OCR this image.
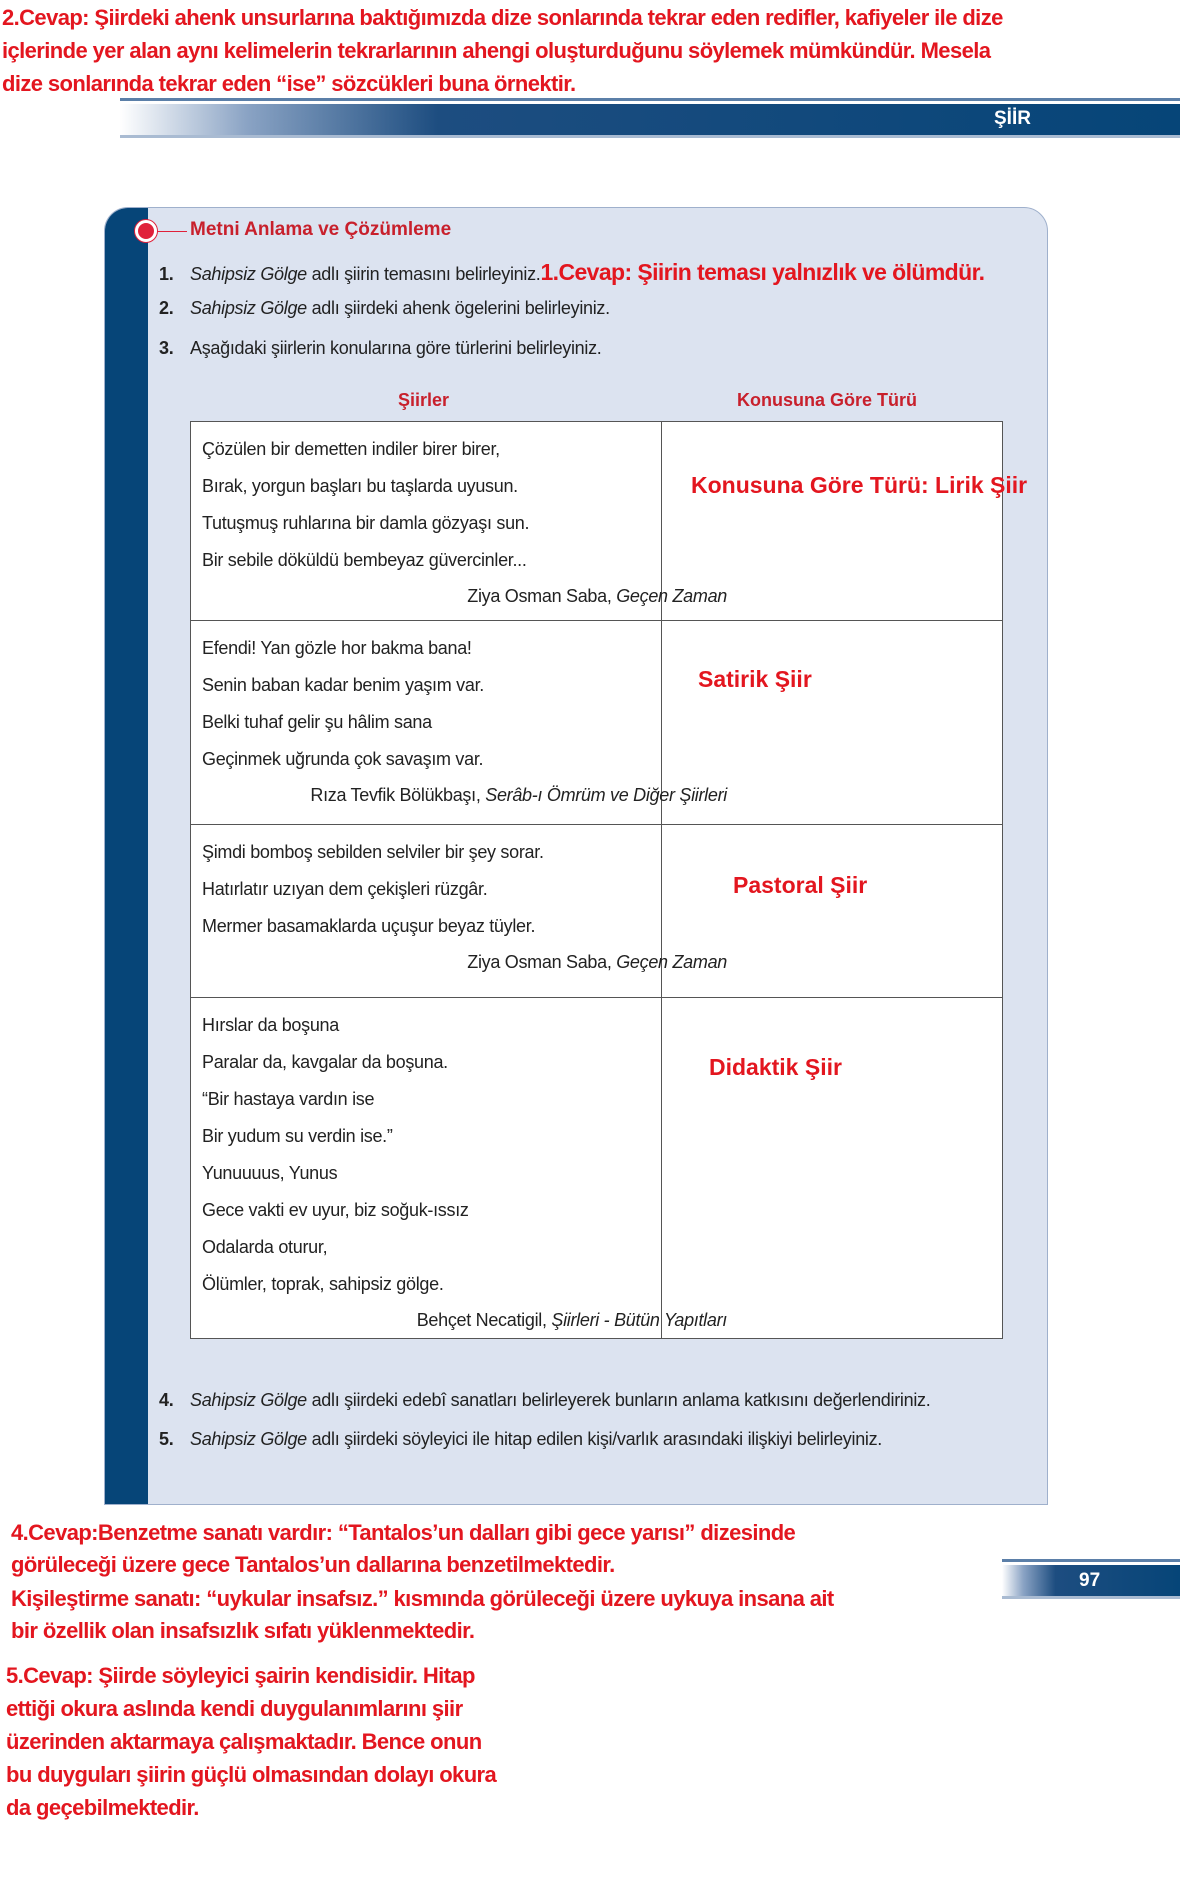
2.Cevap: Şiirdeki ahenk unsurlarına baktığımızda dize sonlarında tekrar eden redifler, kafiyeler ile dize
içlerinde yer alan aynı kelimelerin tekrarlarının ahengi oluşturduğunu söylemek mümkündür. Mesela
dize sonlarında tekrar eden “ise” sözcükleri buna örnektir.
ŞİİR
Metni Anlama ve Çözümleme
1. Sahipsiz Gölge adlı şiirin temasını belirleyiniz.1.Cevap: Şiirin teması yalnızlık ve ölümdür.
2. Sahipsiz Gölge adlı şiirdeki ahenk ögelerini belirleyiniz.
3. Aşağıdaki şiirlerin konularına göre türlerini belirleyiniz.
Şiirler	Konusuna Göre Türü
Çözülen bir demetten indiler birer birer,
Bırak, yorgun başları bu taşlarda uyusun.
Tutuşmuş ruhlarına bir damla gözyaşı sun.
Bir sebile döküldü bembeyaz güvercinler...
Ziya Osman Saba, Geçen Zaman
Efendi! Yan gözle hor bakma bana!
Senin baban kadar benim yaşım var.
Belki tuhaf gelir şu hâlim sana
Geçinmek uğrunda çok savaşım var.
Rıza Tevfik Bölükbaşı, Serâb-ı Ömrüm ve Diğer Şiirleri
Şimdi bomboş sebilden selviler bir şey sorar.
Hatırlatır uzıyan dem çekişleri rüzgâr.
Mermer basamaklarda uçuşur beyaz tüyler.
Ziya Osman Saba, Geçen Zaman
Hırslar da boşuna
Paralar da, kavgalar da boşuna.
“Bir hastaya vardın ise
Bir yudum su verdin ise.”
Yunuuuus, Yunus
Gece vakti ev uyur, biz soğuk-ıssız
Odalarda oturur,
Ölümler, toprak, sahipsiz gölge.
Behçet Necatigil, Şiirleri - Bütün Yapıtları
Konusuna Göre Türü: Lirik Şiir
Satirik Şiir
Pastoral Şiir
Didaktik Şiir
4. Sahipsiz Gölge adlı şiirdeki edebî sanatları belirleyerek bunların anlama katkısını değerlendiriniz.
5. Sahipsiz Gölge adlı şiirdeki söyleyici ile hitap edilen kişi/varlık arasındaki ilişkiyi belirleyiniz.
4.Cevap:Benzetme sanatı vardır: “Tantalos’un dalları gibi gece yarısı” dizesinde
görüleceği üzere gece Tantalos’un dallarına benzetilmektedir.
Kişileştirme sanatı: “uykular insafsız.” kısmında görüleceği üzere uykuya insana ait
bir özellik olan insafsızlık sıfatı yüklenmektedir.
97
5.Cevap: Şiirde söyleyici şairin kendisidir. Hitap
ettiği okura aslında kendi duygulanımlarını şiir
üzerinden aktarmaya çalışmaktadır. Bence onun
bu duyguları şiirin güçlü olmasından dolayı okura
da geçebilmektedir.
